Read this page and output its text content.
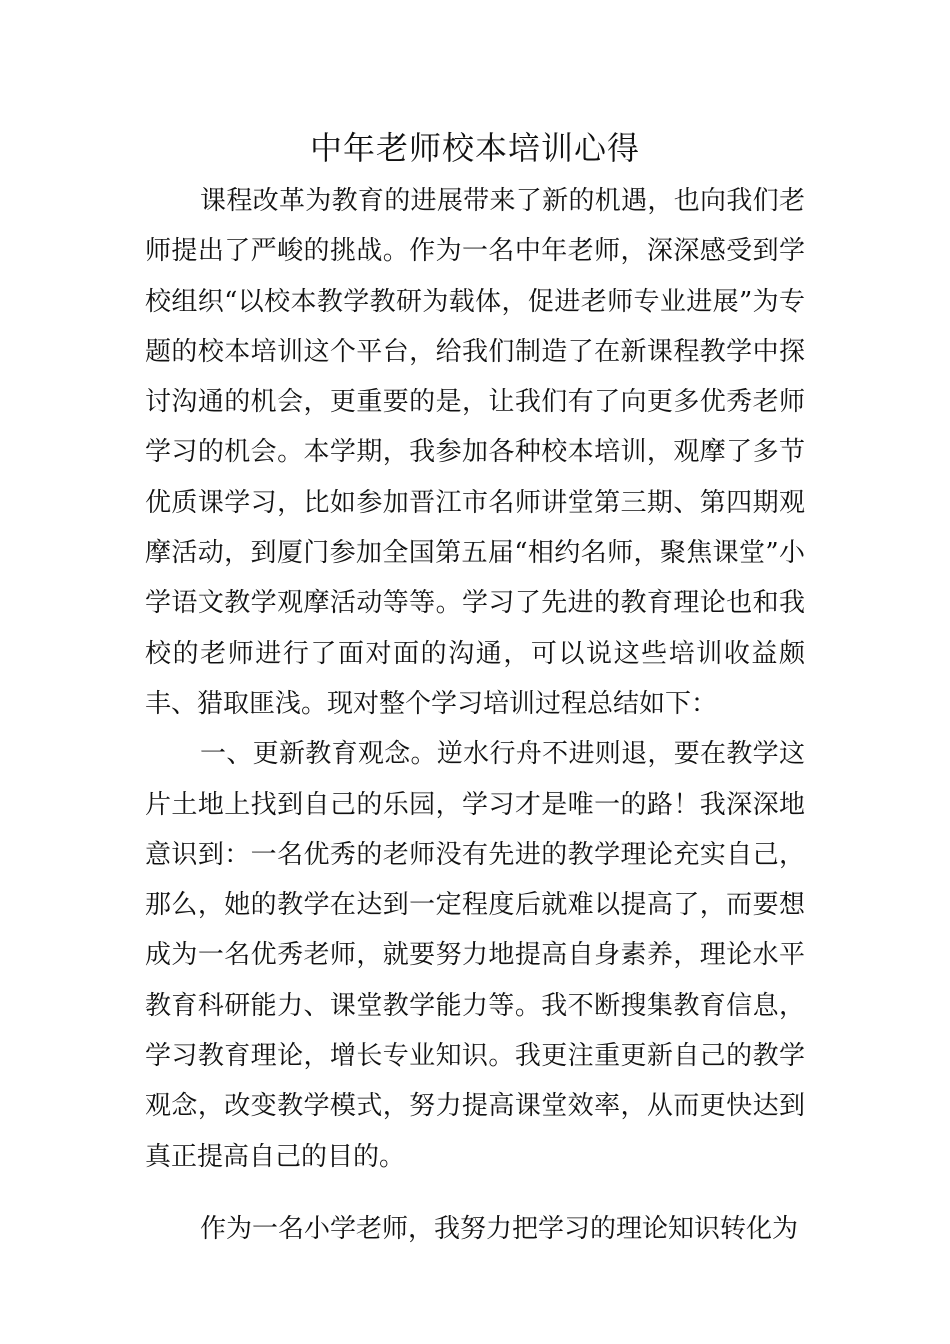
中年老师校本培训心得

课程改革为教育的进展带来了新的机遇，也向我们老师提出了严峻的挑战。作为一名中年老师，深深感受到学校组织“以校本教学教研为载体，促进老师专业进展”为专题的校本培训这个平台，给我们制造了在新课程教学中探讨沟通的机会，更重要的是，让我们有了向更多优秀老师学习的机会。本学期，我参加各种校本培训，观摩了多节优质课学习，比如参加晋江市名师讲堂第三期、第四期观摩活动，到厦门参加全国第五届“相约名师，聚焦课堂”小学语文教学观摩活动等等。学习了先进的教育理论也和我校的老师进行了面对面的沟通，可以说这些培训收益颇丰、猎取匪浅。现对整个学习培训过程总结如下：

一、更新教育观念。逆水行舟不进则退，要在教学这片土地上找到自己的乐园，学习才是唯一的路！我深深地意识到：一名优秀的老师没有先进的教学理论充实自己，那么，她的教学在达到一定程度后就难以提高了，而要想成为一名优秀老师，就要努力地提高自身素养，理论水平教育科研能力、课堂教学能力等。我不断搜集教育信息，学习教育理论，增长专业知识。我更注重更新自己的教学观念，改变教学模式，努力提高课堂效率，从而更快达到真正提高自己的目的。

作为一名小学老师，我努力把学习的理论知识转化为
